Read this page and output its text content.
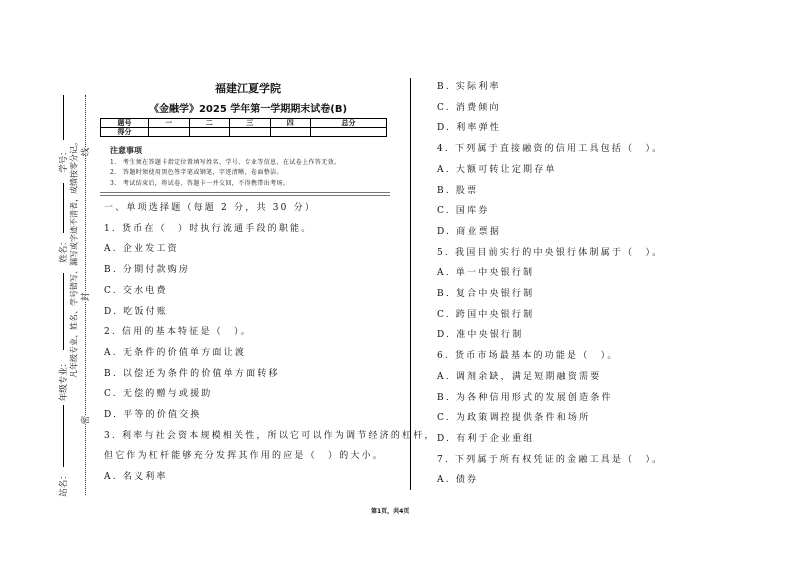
学号：
姓名：
年级专业：
站名：
凡年级专业、姓名、学号错写、漏写或字迹不清者，成绩按零分记。 线
封
密
福建江夏学院
《金融学》2025 学年第一学期期末试卷(B)
题号	一	二	三	四	总分
得分					
注意事项
1.　考生须在答题卡指定位置填写姓名、学号、专业等信息，在试卷上作答无效。
2.　答题时须使用黑色签字笔或钢笔，字迹清晰，卷面整洁。
3.　考试结束后，将试卷、答题卡一并交回，不得携带出考场。
一、单项选择题（每题 2 分，共 30 分）
1. 货币在（　）时执行流通手段的职能。
A. 企业发工资
B. 分期付款购房
C. 交水电费
D. 吃饭付账
2. 信用的基本特征是（　）。
A. 无条件的价值单方面让渡
B. 以偿还为条件的价值单方面转移
C. 无偿的赠与或援助
D. 平等的价值交换
3. 利率与社会资本规模相关性，所以它可以作为调节经济的杠杆，
但它作为杠杆能够充分发挥其作用的应是（　）的大小。
A. 名义利率
B. 实际利率
C. 消费倾向
D. 利率弹性
4. 下列属于直接融资的信用工具包括（　）。
A. 大额可转让定期存单
B. 股票
C. 国库券
D. 商业票据
5. 我国目前实行的中央银行体制属于（　）。
A. 单一中央银行制
B. 复合中央银行制
C. 跨国中央银行制
D. 准中央银行制
6. 货币市场最基本的功能是（　）。
A. 调剂余缺，满足短期融资需要
B. 为各种信用形式的发展创造条件
C. 为政策调控提供条件和场所
D. 有利于企业重组
7. 下列属于所有权凭证的金融工具是（　）。
A. 债券
第1页，共4页
